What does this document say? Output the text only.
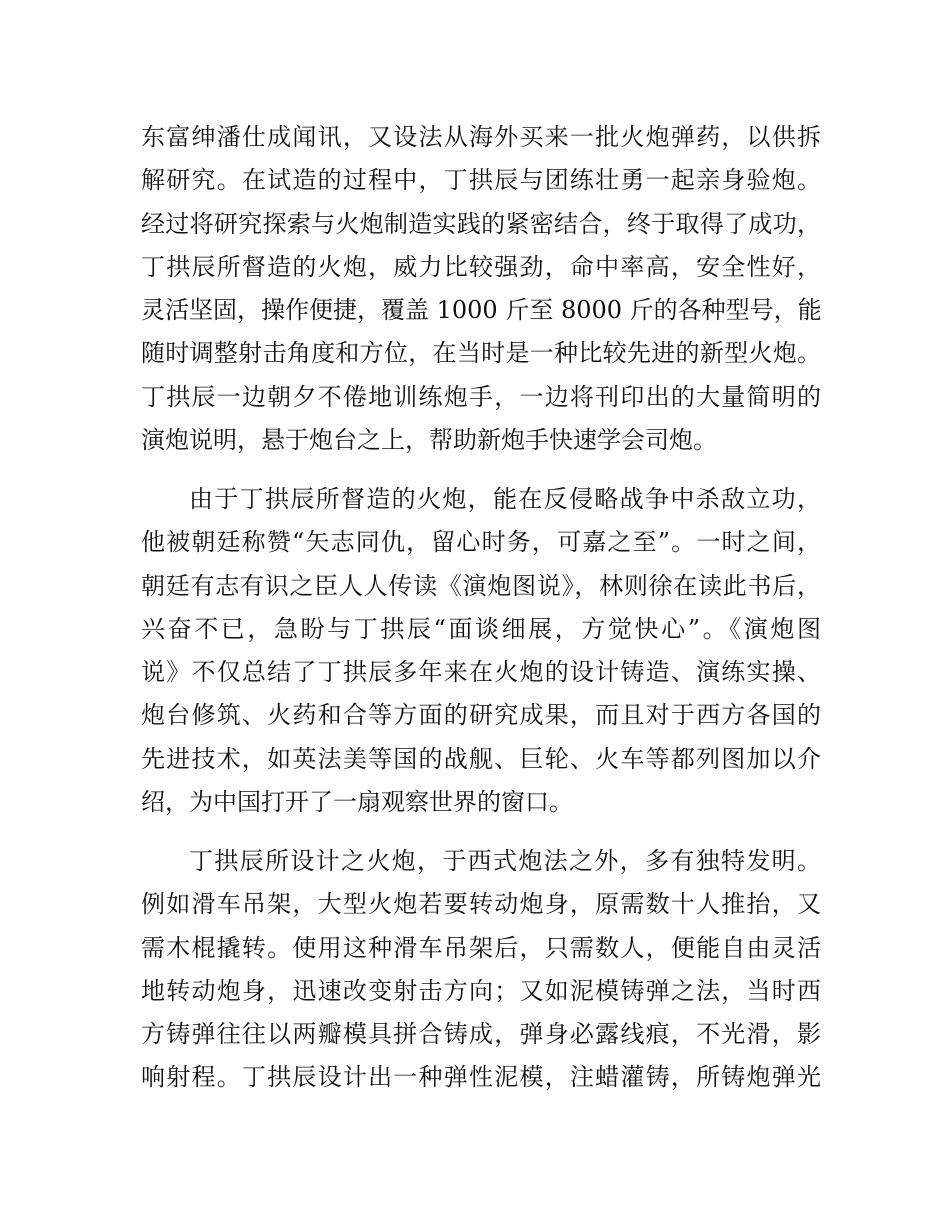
东富绅潘仕成闻讯，又设法从海外买来一批火炮弹药，以供拆
解研究。在试造的过程中，丁拱辰与团练壮勇一起亲身验炮。
经过将研究探索与火炮制造实践的紧密结合，终于取得了成功，
丁拱辰所督造的火炮，威力比较强劲，命中率高，安全性好，
灵活坚固，操作便捷，覆盖 1000 斤至 8000 斤的各种型号，能
随时调整射击角度和方位，在当时是一种比较先进的新型火炮。
丁拱辰一边朝夕不倦地训练炮手，一边将刊印出的大量简明的
演炮说明，悬于炮台之上，帮助新炮手快速学会司炮。
由于丁拱辰所督造的火炮，能在反侵略战争中杀敌立功，
他被朝廷称赞“矢志同仇，留心时务，可嘉之至”。一时之间，
朝廷有志有识之臣人人传读《演炮图说》，林则徐在读此书后，
兴奋不已，急盼与丁拱辰“面谈细展，方觉快心”。《演炮图
说》不仅总结了丁拱辰多年来在火炮的设计铸造、演练实操、
炮台修筑、火药和合等方面的研究成果，而且对于西方各国的
先进技术，如英法美等国的战舰、巨轮、火车等都列图加以介
绍，为中国打开了一扇观察世界的窗口。
丁拱辰所设计之火炮，于西式炮法之外，多有独特发明。
例如滑车吊架，大型火炮若要转动炮身，原需数十人推抬，又
需木棍撬转。使用这种滑车吊架后，只需数人，便能自由灵活
地转动炮身，迅速改变射击方向；又如泥模铸弹之法，当时西
方铸弹往往以两瓣模具拼合铸成，弹身必露线痕，不光滑，影
响射程。丁拱辰设计出一种弹性泥模，注蜡灌铸，所铸炮弹光
